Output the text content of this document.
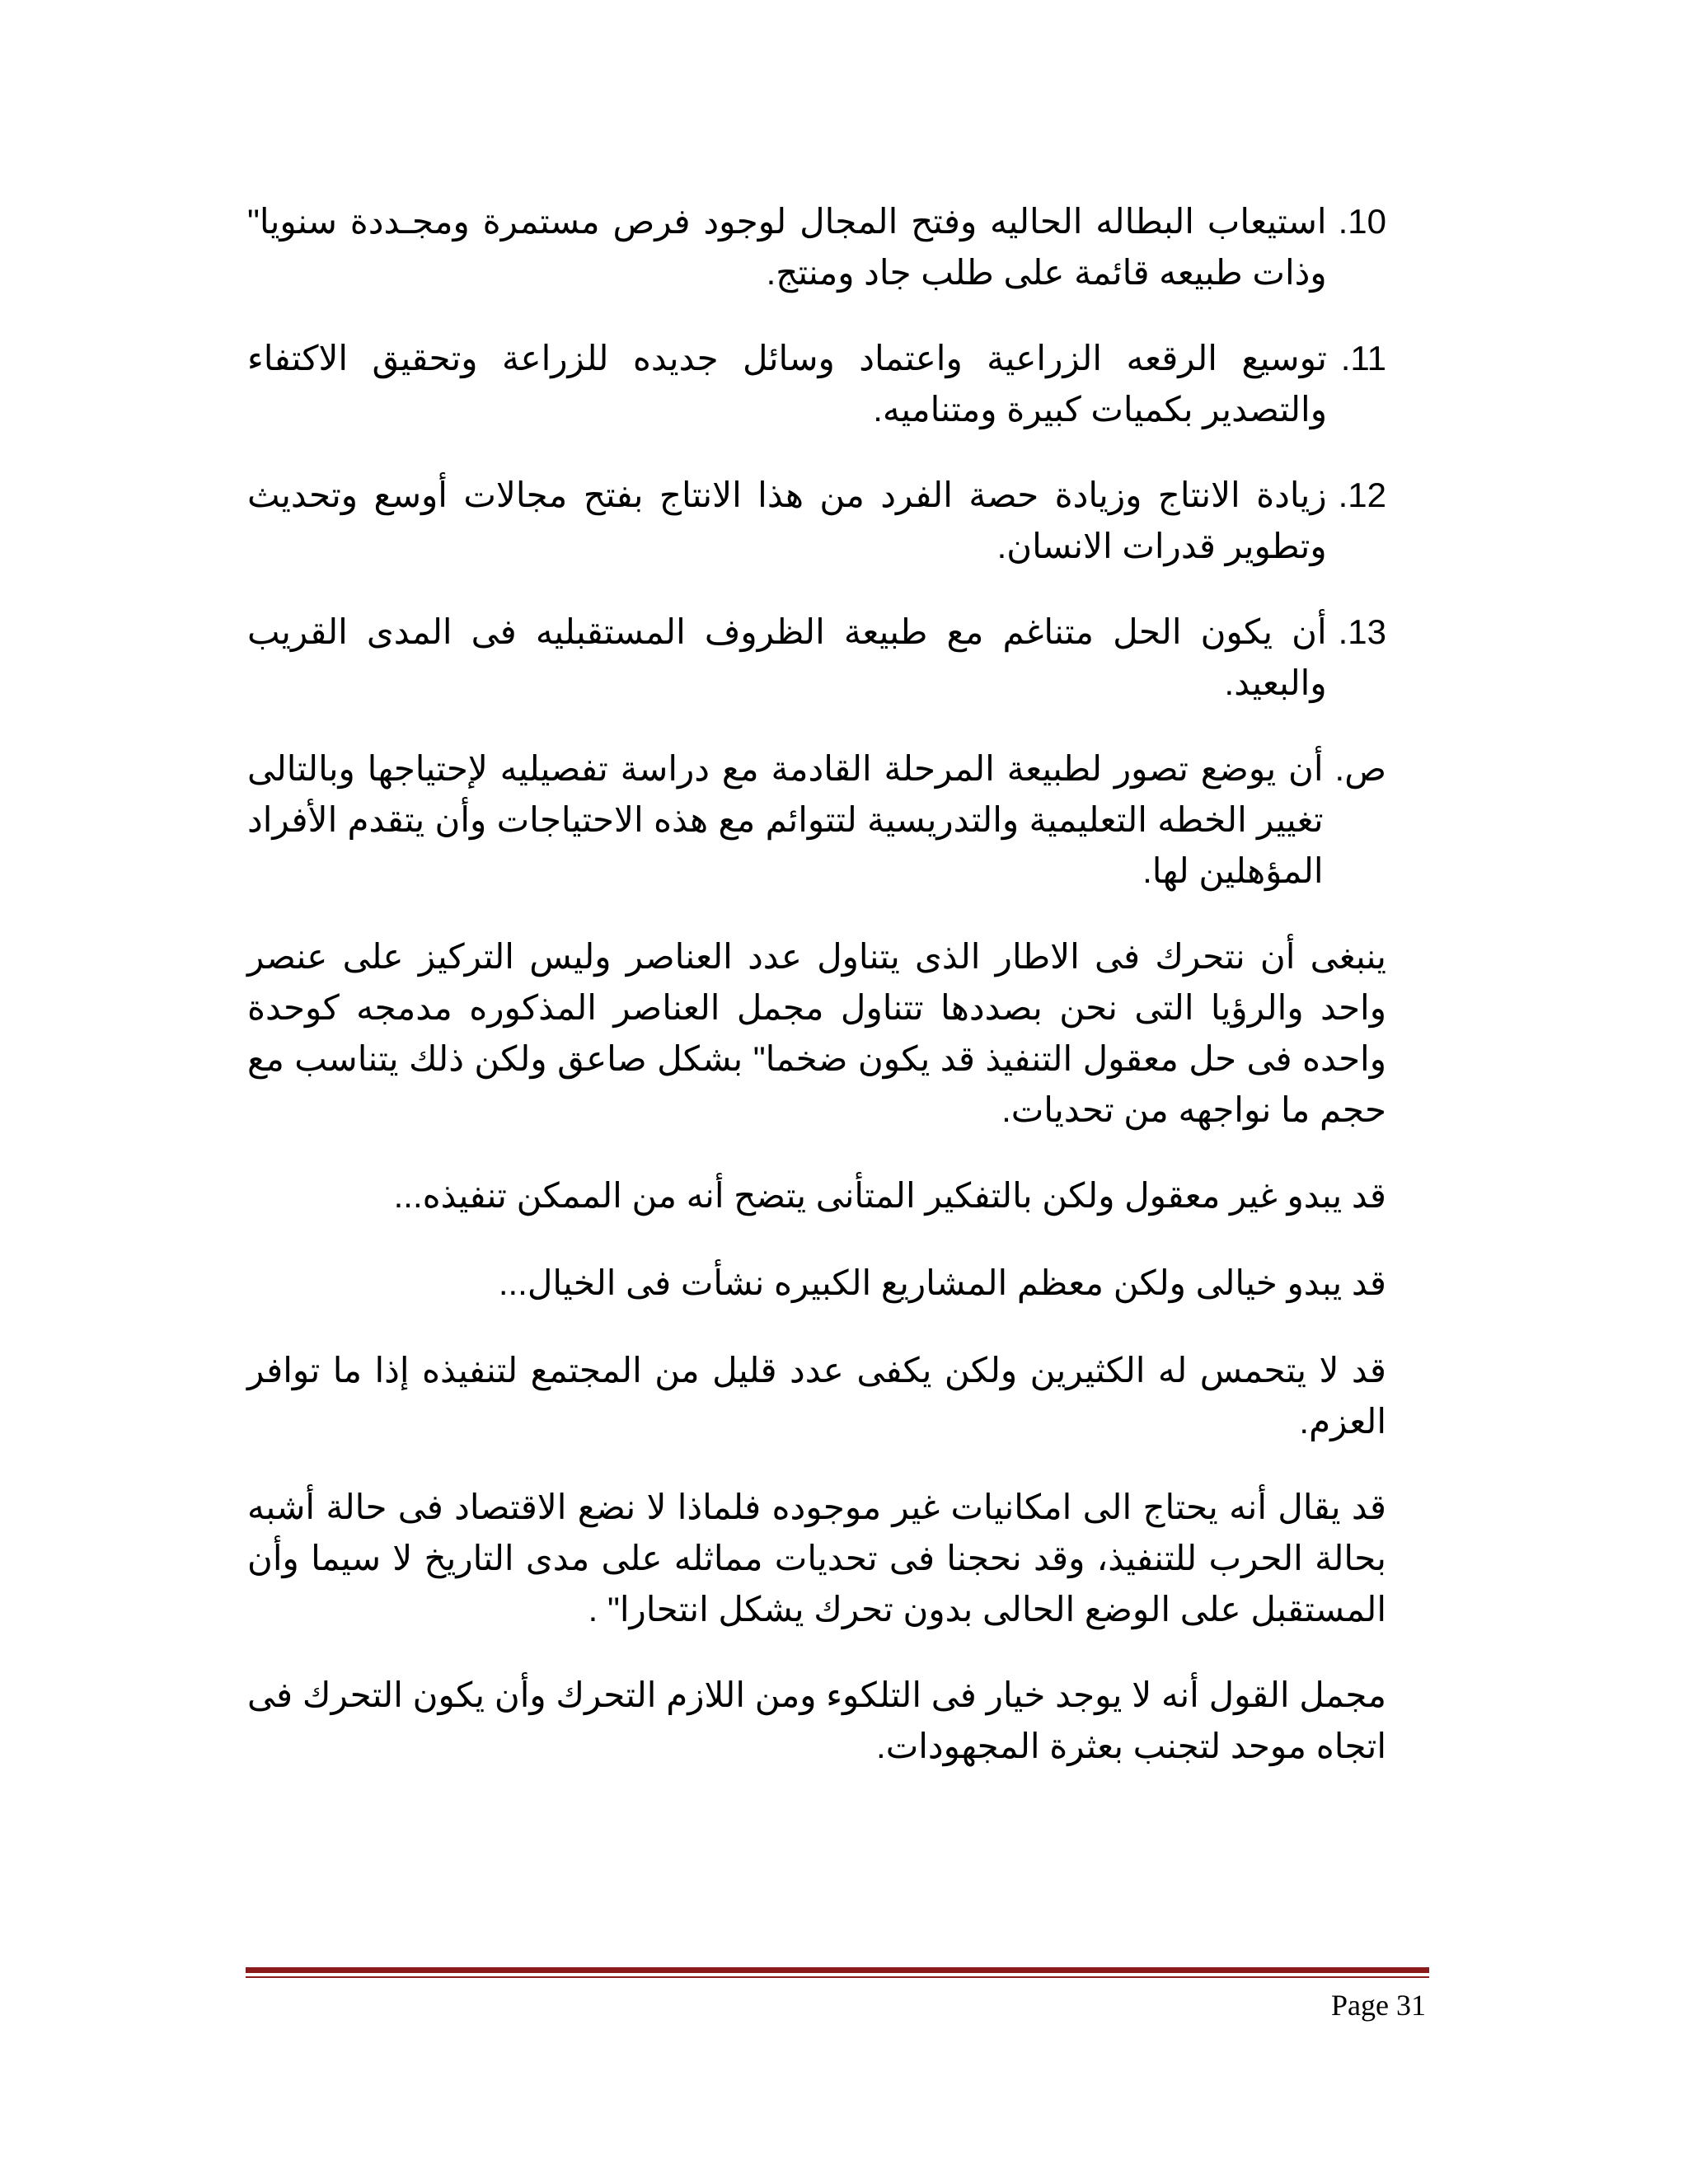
10.
استيعاب البطاله الحاليه وفتح المجال لوجود فرص مستمرة ومجـددة سنويا" وذات طبيعه قائمة على طلب جاد ومنتج.
11.
توسيع الرقعه الزراعية واعتماد وسائل جديده للزراعة وتحقيق الاكتفاء والتصدير بكميات كبيرة ومتناميه.
12.
زيادة الانتاج وزيادة حصة الفرد من هذا الانتاج بفتح مجالات أوسع وتحديث وتطوير قدرات الانسان.
13.
أن يكون الحل متناغم مع طبيعة الظروف المستقبليه فى المدى القريب والبعيد.
ص.
أن يوضع تصور لطبيعة المرحلة القادمة مع دراسة تفصيليه لإحتياجها وبالتالى تغيير الخطه التعليمية والتدريسية لتتوائم مع هذه الاحتياجات وأن يتقدم الأفراد المؤهلين لها.

ينبغى أن نتحرك فى الاطار الذى يتناول عدد العناصر وليس التركيز على عنصر واحد والرؤيا التى نحن بصددها تتناول مجمل العناصر المذكوره مدمجه كوحدة واحده فى حل معقول التنفيذ قد يكون ضخما" بشكل صاعق ولكن ذلك يتناسب مع حجم ما نواجهه من تحديات.

قد يبدو غير معقول ولكن بالتفكير المتأنى يتضح أنه من الممكن تنفيذه...

قد يبدو خيالى ولكن معظم المشاريع الكبيره نشأت فى الخيال...

قد لا يتحمس له الكثيرين ولكن يكفى عدد قليل من المجتمع لتنفيذه إذا ما توافر العزم.

قد يقال أنه يحتاج الى امكانيات غير موجوده فلماذا لا نضع الاقتصاد فى حالة أشبه بحالة الحرب للتنفيذ، وقد نحجنا فى تحديات مماثله على مدى التاريخ لا سيما وأن المستقبل على الوضع الحالى بدون تحرك يشكل انتحارا" .

مجمل القول أنه لا يوجد خيار فى التلكوء ومن اللازم التحرك وأن يكون التحرك فى اتجاه موحد لتجنب بعثرة المجهودات.

Page 31
